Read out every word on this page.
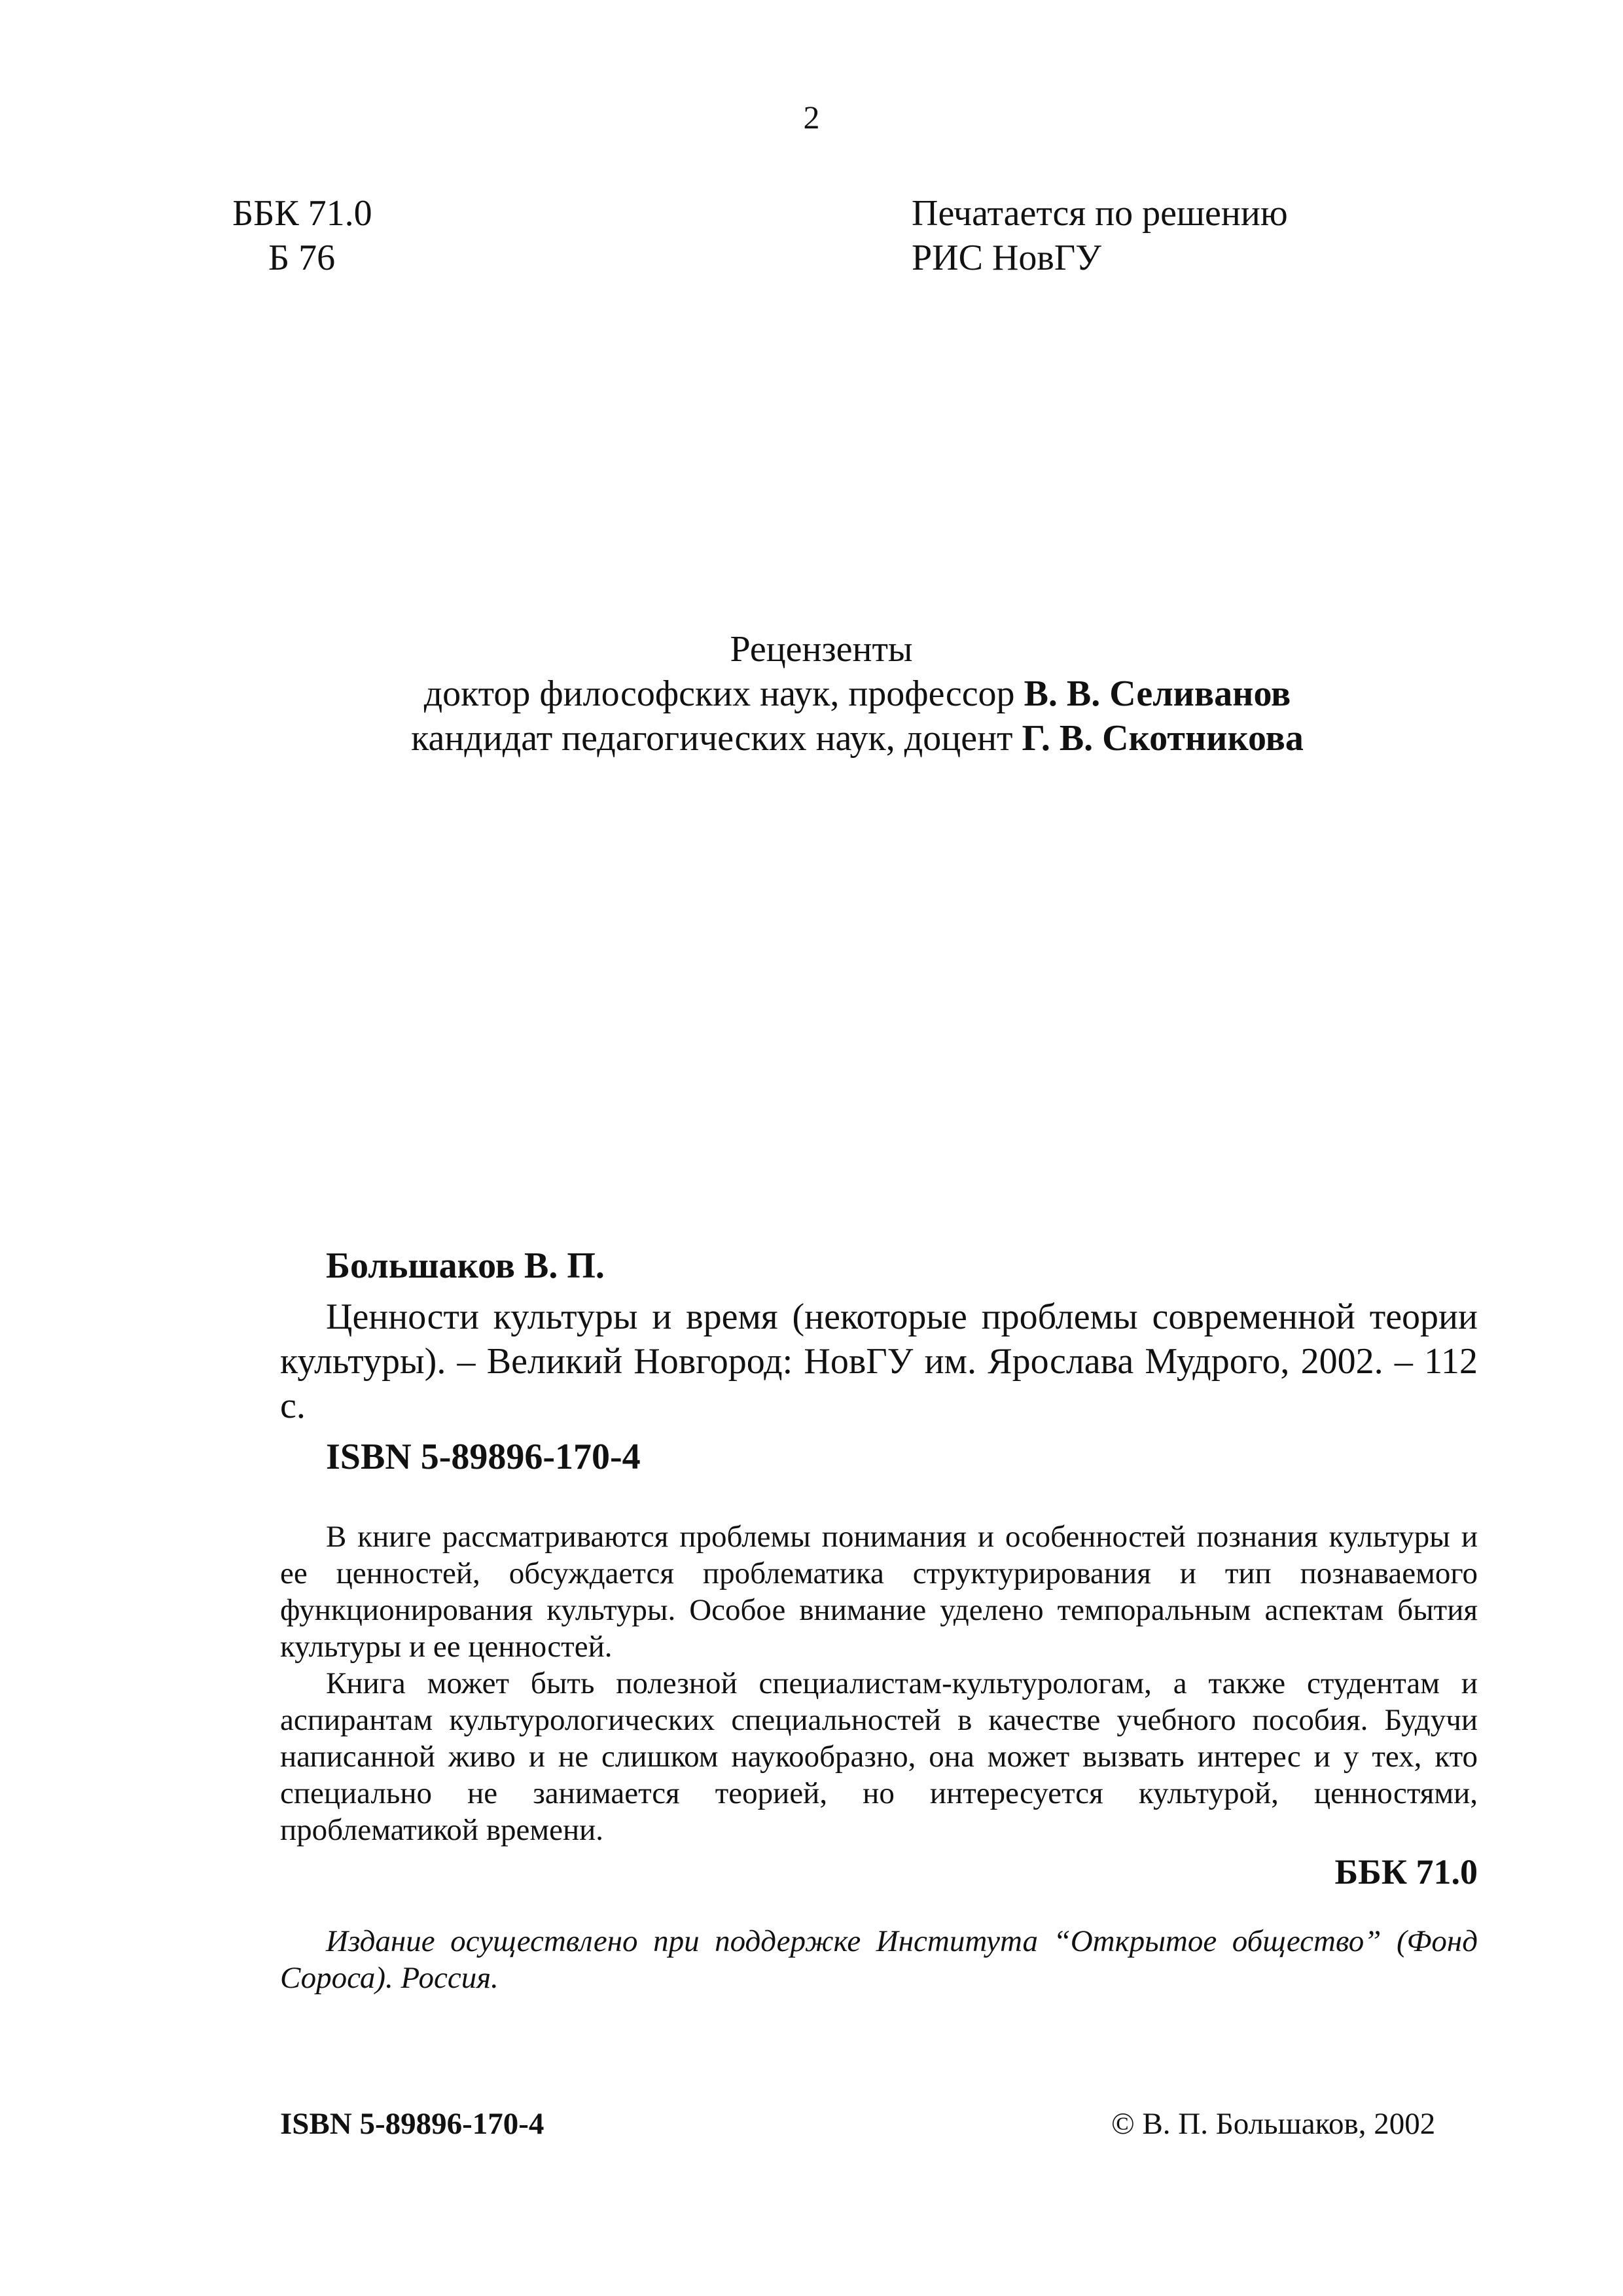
2
ББК 71.0
Б 76
Печатается по решению
РИС НовГУ
Рецензенты
доктор философских наук, профессор В. В. Селиванов
кандидат педагогических наук, доцент Г. В. Скотникова
Большаков В. П.

Ценности культуры и время (некоторые проблемы современной теории культуры). – Великий Новгород: НовГУ им. Ярослава Мудрого, 2002. – 112 с.

ISBN 5-89896-170-4

В книге рассматриваются проблемы понимания и особенностей познания культуры и ее ценностей, обсуждается проблематика структурирования и тип познаваемого функционирования культуры. Особое внимание уделено темпоральным аспектам бытия культуры и ее ценностей.

Книга может быть полезной специалистам-культурологам, а также студентам и аспирантам культурологических специальностей в качестве учебного пособия. Будучи написанной живо и не слишком наукообразно, она может вызвать интерес и у тех, кто специально не занимается теорией, но интересуется культурой, ценностями, проблематикой времени.

ББК 71.0

Издание осуществлено при поддержке Института “Открытое общество” (Фонд Сороса). Россия.

ISBN 5-89896-170-4	© В. П. Большаков, 2002
